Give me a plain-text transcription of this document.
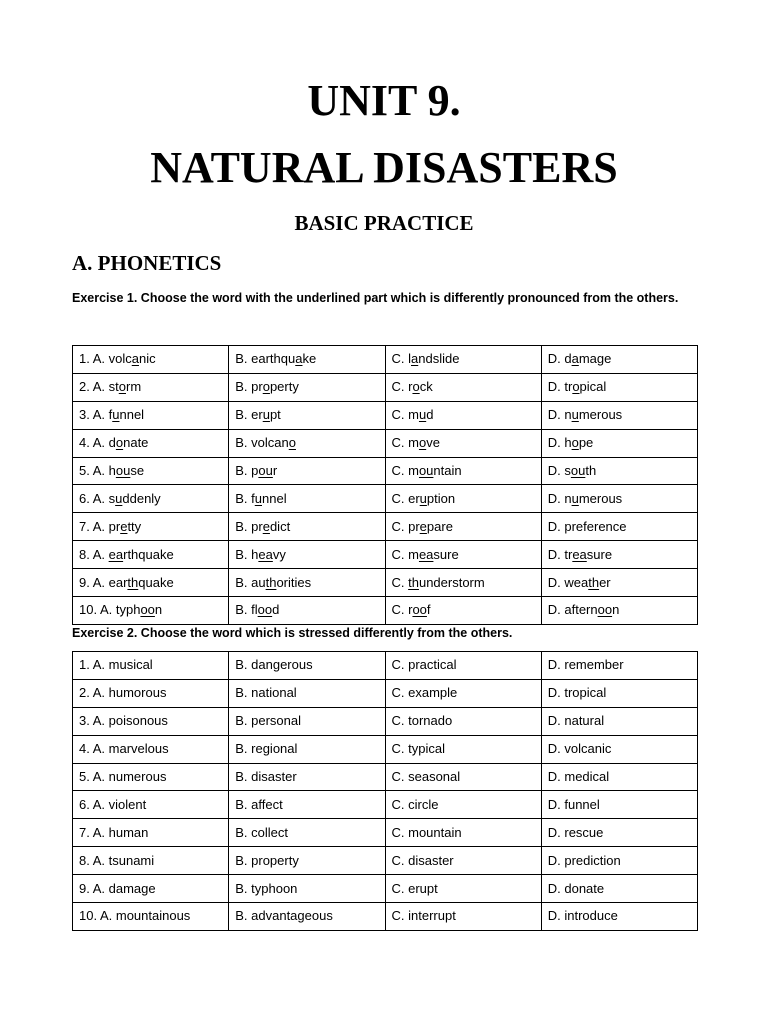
UNIT 9.
NATURAL DISASTERS
BASIC PRACTICE
A. PHONETICS
Exercise 1. Choose the word with the underlined part which is differently pronounced from the others.
1. A. volcanic	B. earthquake	C. landslide	D. damage
2. A. storm	B. property	C. rock	D. tropical
3. A. funnel	B. erupt	C. mud	D. numerous
4. A. donate	B. volcano	C. move	D. hope
5. A. house	B. pour	C. mountain	D. south
6. A. suddenly	B. funnel	C. eruption	D. numerous
7. A. pretty	B. predict	C. prepare	D. preference
8. A. earthquake	B. heavy	C. measure	D. treasure
9. A. earthquake	B. authorities	C. thunderstorm	D. weather
10. A. typhoon	B. flood	C. roof	D. afternoon
Exercise 2. Choose the word which is stressed differently from the others.
1. A. musical	B. dangerous	C. practical	D. remember
2. A. humorous	B. national	C. example	D. tropical
3. A. poisonous	B. personal	C. tornado	D. natural
4. A. marvelous	B. regional	C. typical	D. volcanic
5. A. numerous	B. disaster	C. seasonal	D. medical
6. A. violent	B. affect	C. circle	D. funnel
7. A. human	B. collect	C. mountain	D. rescue
8. A. tsunami	B. property	C. disaster	D. prediction
9. A. damage	B. typhoon	C. erupt	D. donate
10. A. mountainous	B. advantageous	C. interrupt	D. introduce
